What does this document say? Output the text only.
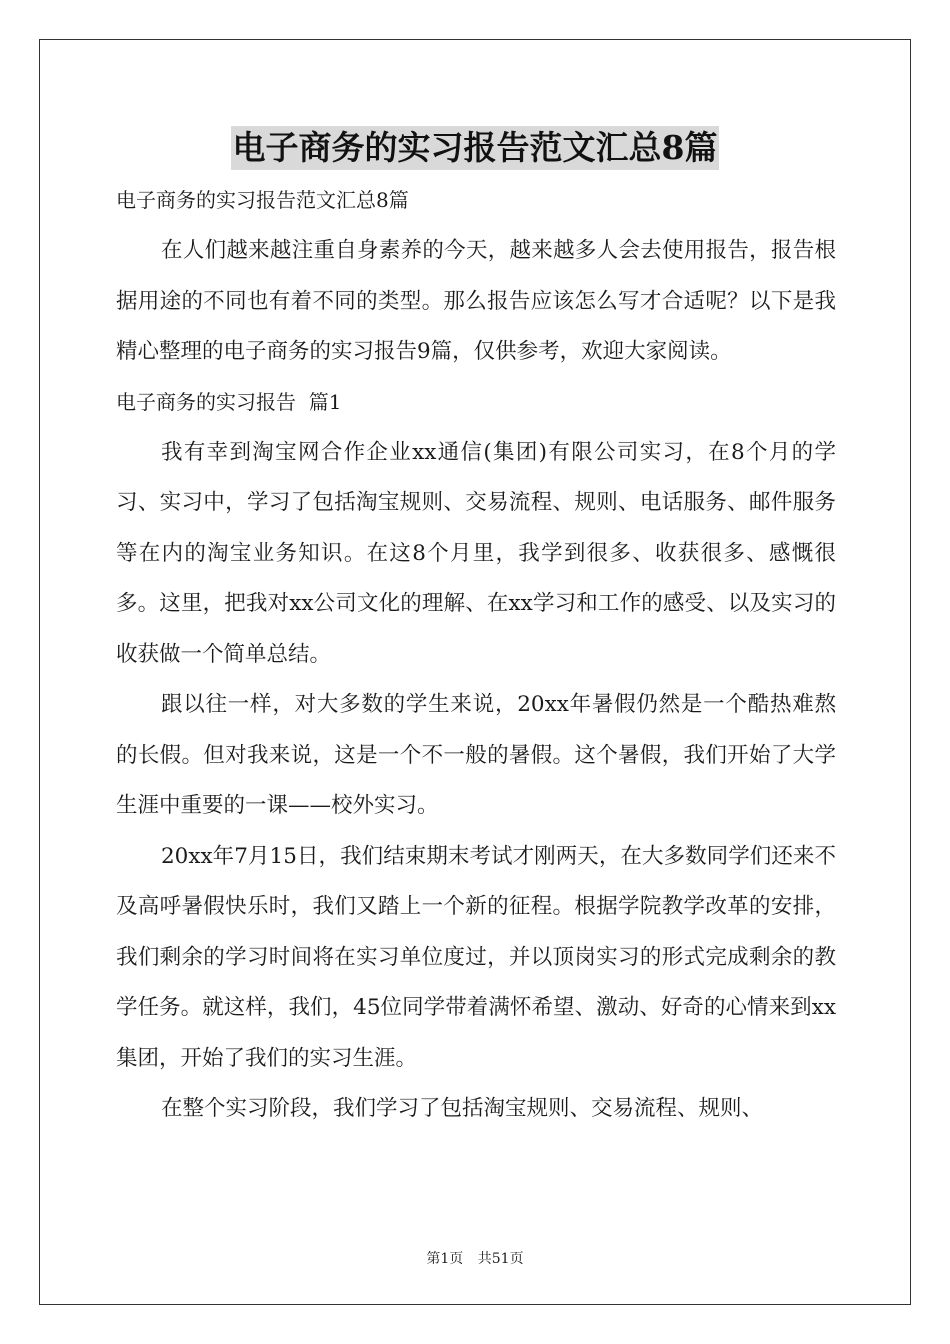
电子商务的实习报告范文汇总8篇

电子商务的实习报告范文汇总8篇

在人们越来越注重自身素养的今天，越来越多人会去使用报告，报告根据用途的不同也有着不同的类型。那么报告应该怎么写才合适呢？以下是我精心整理的电子商务的实习报告9篇，仅供参考，欢迎大家阅读。

电子商务的实习报告  篇1

我有幸到淘宝网合作企业xx通信(集团)有限公司实习，在8个月的学习、实习中，学习了包括淘宝规则、交易流程、规则、电话服务、邮件服务等在内的淘宝业务知识。在这8个月里，我学到很多、收获很多、感慨很多。这里，把我对xx公司文化的理解、在xx学习和工作的感受、以及实习的收获做一个简单总结。

跟以往一样，对大多数的学生来说，20xx年暑假仍然是一个酷热难熬的长假。但对我来说，这是一个不一般的暑假。这个暑假，我们开始了大学生涯中重要的一课——校外实习。

20xx年7月15日，我们结束期末考试才刚两天，在大多数同学们还来不及高呼暑假快乐时，我们又踏上一个新的征程。根据学院教学改革的安排，我们剩余的学习时间将在实习单位度过，并以顶岗实习的形式完成剩余的教学任务。就这样，我们，45位同学带着满怀希望、激动、好奇的心情来到xx集团，开始了我们的实习生涯。

在整个实习阶段，我们学习了包括淘宝规则、交易流程、规则、

第1页 共51页
